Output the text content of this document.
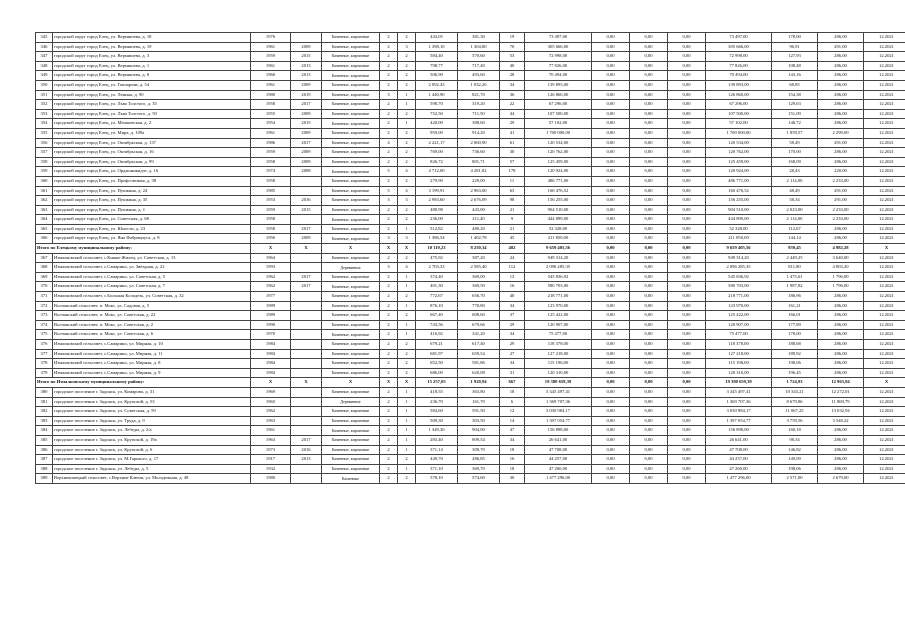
345	городской округ город Елец, ул. Вермишева, д. 18	1976		Каменные, кирпичные	2	2	443,05	381,30	19	73 497,00	0,00	0,00	0,00	73 497,00	178,00	286,00	12.2021
346	городской округ город Елец, ул. Вермишева, д. 19	1961	2009	Каменные, кирпичные	2	3	1 398,10	1 304,80	70	305 666,00	0,00	0,00	0,00	305 666,00	96,91	291,00	12.2021
347	городской округ город Елец, ул. Вермишева, д. 3	1959	2015	Каменные, кирпичные	2	2	584,40	570,60	53	72 998,00	0,00	0,00	0,00	72 998,00	127,93	286,00	12.2021
348	городской округ город Елец, ул. Вермишева, д. 1	1961	2013	Каменные, кирпичные	2	2	798,77	717,40	40	77 826,00	0,00	0,00	0,00	77 826,00	108,48	286,00	12.2021
349	городской округ город Елец, ул. Вермишева, д. 8	1960	2013	Каменные, кирпичные	2	2	506,90	493,60	28	70 494,00	0,00	0,00	0,00	70 494,00	143,16	286,00	12.2021
350	городской округ город Елец, ул. Гончарова, д. 54	1961	2009	Каменные, кирпичные	2	2	2 092,43	1 032,20	34	139 893,00	0,00	0,00	0,00	139 893,00	68,85	286,00	12.2021
351	городской округ город Елец, ул. Ленина, д. 90	1980	2019	Каменные, кирпичные	3	1	1 440,90	821,70	36	126 860,00	0,00	0,00	0,00	126 860,00	154,38	286,00	12.2021
352	городской округ город Елец, ул. Льва Толстого, д. 35	1958	2017	Каменные, кирпичные	2	1	598,70	319,20	22	67 296,00	0,00	0,00	0,00	67 296,00	129,63	286,00	12.2021
353	городской округ город Елец, ул. Льва Толстого, д. 50	1955	2009	Каменные, кирпичные	2	2	752,50	711,50	44	107 500,00	0,00	0,00	0,00	107 500,00	151,09	286,00	12.2021
354	городской округ город Елец, ул. Мешковская, д. 2	1954	2015	Каменные, кирпичные	2	1	420,00	388,60	29	57 102,00	0,00	0,00	0,00	57 102,00	146,72	286,00	12.2021
355	городской округ город Елец, ул. Мира, д. 109а	1961	2009	Каменные, кирпичные	2	2	959,00	914,20	41	1 700 000,00	0,00	0,00	0,00	1 700 000,00	1 859,57	2 299,00	12.2021
356	городской округ город Елец, ул. Октябрьская, д. 137	1986	2017	Каменные, кирпичные	4	2	2 221,17	2 060,90	61	120 534,00	0,00	0,00	0,00	120 534,00	58,49	291,00	12.2021
357	городской округ город Елец, ул. Октябрьская, д. 16	1959	2009	Каменные, кирпичные	2	2	769,00	736,60	30	120 762,00	0,00	0,00	0,00	120 762,00	170,00	286,00	12.2021
358	городской округ город Елец, ул. Октябрьская, д. 99	1958	2009	Каменные, кирпичные	2	2	826,72	801,71	57	125 459,00	0,00	0,00	0,00	125 459,00	168,09	286,00	12.2021
359	городской округ город Елец, ул. Орджоникидзе, д. 16	1974	2008	Каменные, кирпичные	5	4	4 712,00	4 281,82	178	120 924,00	0,00	0,00	0,00	120 924,00	28,43	220,00	12.2021
360	городской округ город Елец, ул. Профсоюзная, д. 38	1958		Каменные, кирпичные	2	2	279,90	229,00	11	486 771,00	0,00	0,00	0,00	486 771,00	2 114,00	2 233,00	12.2021
361	городской округ город Елец, ул. Пушкина, д. 24	1985		Каменные, кирпичные	5	4	3 199,91	2 963,00	63	160 476,52	0,00	0,00	0,00	160 476,52	48,49	291,00	12.2021
362	городской округ город Елец, ул. Пушкина, д. 35	1953	2016	Каменные, кирпичные	3	3	2 983,60	2 676,09	98	156 255,00	0,00	0,00	0,00	156 255,00	58,34	291,00	12.2021
363	городской округ город Елец, ул. Пушкина, д. 1	1959	2015	Каменные, кирпичные	2	2	480,98	443,00	21	904 510,00	0,00	0,00	0,00	904 510,00	2 023,00	2 233,00	12.2021
364	городской округ город Елец, ул. Советская, д. 68	1958		Каменные, кирпичные	2	2	236,00	211,40	9	444 899,00	0,00	0,00	0,00	444 899,00	2 114,00	2 233,00	12.2021
365	городской округ город Елец, ул. Юности, д. 23	1958	2017	Каменные, кирпичные	2	1	512,82	480,20	21	52 328,00	0,00	0,00	0,00	52 328,00	112,67	286,00	12.2021
366	городской округ город Елец, ул. Яна Фабрициуса, д. 8	1956	2009	Каменные, кирпичные	3	3	1 386,54	1 402,78	45	211 850,00	0,00	0,00	0,00	211 850,00	144,14	286,00	12.2021
Итого по Елецкому муниципальному району:		X	X	X	X	X	10 119,23	8 250,34	482	9 659 405,56	0,00	0,00	0,00	9 659 405,56	959,45	4 982,28	X
367	Измалковский сельсовет, с.Княже-Жилец, ул. Советская, д. 13	1964		Каменные, кирпичные	2	2	475,92	387,20	24	949 314,20	0,00	0,00	0,00	949 314,20	2 449,25	3 640,00	12.2021
368	Измалковский сельсовет, с.Самарино, ул. Звёздная, д. 22	1993		Деревянные	3	4	2 703,33	2 585,40	112	2 096 285,35	0,00	0,00	0,00	2 096 285,35	811,80	4 803,20	12.2021
369	Измалковский сельсовет, с.Самарино, ул. Советская, д. 5	1962	2017	Каменные, кирпичные	2	1	374,40	369,00	13	545 836,92	0,00	0,00	0,00	545 836,92	1 475,61	1 796,00	12.2021
370	Измалковский сельсовет, с.Самарино, ул. Советская, д. 7	1962	2017	Каменные, кирпичные	2	1	401,30	369,50	16	580 703,00	0,00	0,00	0,00	580 703,00	1 987,82	1 796,00	12.2021
371	Измалковский сельсовет, с.Большая Колодезь, ул. Советская, д. 32	1977		Каменные, кирпичные	2	2	772,67	656,70	40	218 771,00	0,00	0,00	0,00	218 771,00	186,96	286,00	12.2021
372	Волчанский сельсовет, п. Мокс, ул. Садовая, д. 5	1989		Каменные, кирпичные	2	1	876,10	770,80	34	123 970,00	0,00	0,00	0,00	123 970,00	161,21	286,00	12.2021
373	Волчанский сельсовет, п. Мокс, ул. Советская, д. 22	1989		Каменные, кирпичные	2	2	667,40	608,60	37	125 422,00	0,00	0,00	0,00	125 422,00	166,01	286,00	12.2021
374	Волчанский сельсовет, п. Мокс, ул. Советская, д. 2	1990		Каменные, кирпичные	2	1	743,56	679,66	29	120 907,00	0,00	0,00	0,00	120 907,00	177,89	286,00	12.2021
375	Волчанский сельсовет, п. Мокс, ул. Советская, д. 6	1970		Каменные, кирпичные	2	1	416,92	341,20	34	75 477,00	0,00	0,00	0,00	75 477,00	178,00	286,00	12.2021
376	Измалковский сельсовет, с.Самарино, ул. Мирная, д. 10	1984		Каменные, кирпичные	2	2	679,21	617,40	29	118 378,00	0,00	0,00	0,00	118 378,00	188,68	286,00	12.2021
377	Измалковский сельсовет, с.Самарино, ул. Мирная, д. 11	1984		Каменные, кирпичные	2	2	681,97	659,54	27	127 218,00	0,00	0,00	0,00	127 218,00	189,92	286,00	12.2021
378	Измалковский сельсовет, с.Самарино, ул. Мирная, д. 8	1984		Каменные, кирпичные	2	2	652,50	581,86	34	115 196,00	0,00	0,00	0,00	115 196,00	198,06	286,00	12.2021
379	Измалковский сельсовет, с.Самарино, ул. Мирная, д. 9	1984		Каменные, кирпичные	2	2	686,00	620,08	31	120 310,00	0,00	0,00	0,00	120 310,00	196,45	286,00	12.2021
Итого по Измалковскому муниципальному району:		X	X	X	X	X	15 257,05	1 920,94	667	19 380 659,39	0,00	0,00	0,00	19 380 659,39	1 724,93	12 963,94	X
380	городское поселение г. Задонск, ул. Комарова, д. 31	1969		Каменные, кирпичные	2	1	418,55	363,80	18	3 345 497,41	0,00	0,00	0,00	3 345 497,41	10 343,21	12 272,01	12.2021
381	городское поселение г. Задонск, ул. Крупской, д. 53	1965		Деревянные	2	1	236,70	161,70	6	1 369 707,36	0,00	0,00	0,00	1 369 707,36	8 679,86	11 869,79	12.2021
382	городское поселение г. Задонск, ул. Советская, д. 59	1962		Каменные, кирпичные	2	1	584,60	591,50	12	3 030 984,17	0,00	0,00	0,00	3 030 984,17	11 067,25	13 032,94	12.2021
383	городское поселение г. Задонск, ул. Труда, д. 9	1963		Каменные, кирпичные	2	1	509,30	303,50	14	1 397 054,77	0,00	0,00	0,00	1 397 054,77	3 759,56	3 548,22	12.2021
384	городское поселение г. Задонск, ул. Лебеды, д. 2/a	1961		Каменные, кирпичные	2	1	1 349,30	904,00	47	156 898,00	0,00	0,00	0,00	156 898,00	160,18	286,00	12.2021
385	городское поселение г. Задонск, ул. Крупской, д. 19a	1963	2017	Каменные, кирпичные	2	1	283,40	809,54	34	26 641,00	0,00	0,00	0,00	26 641,00	98,34	286,00	12.2021
386	городское поселение г. Задонск, ул. Крупской, д. 6	1973	2016	Каменные, кирпичные	2	1	371,14	309,70	18	47 708,00	0,00	0,00	0,00	47 708,00	146,82	286,00	12.2021
387	городское поселение г. Задонск, ул. М.Горького, д. 17	1917	2013	Каменные, кирпичные	2	2	449,70	286,85	16	44 257,00	0,00	0,00	0,00	44 257,00	149,09	286,00	12.2021
388	городское поселение г. Задонск, ул. Лебеды, д. 5	1932		Каменные, кирпичные	2	1	371,10	369,70	18	47 260,00	0,00	0,00	0,00	47 260,00	198,06	286,00	12.2021
389	Верхнеконецкий сельсовет, с.Верхние Ключи, ул. Молодежная, д. 48	1980		Каменные	2	2	578,10	574,60	30	1 477 296,00	0,00	0,00	0,00	1 477 296,00	2 571,00	2 679,00	12.2021
